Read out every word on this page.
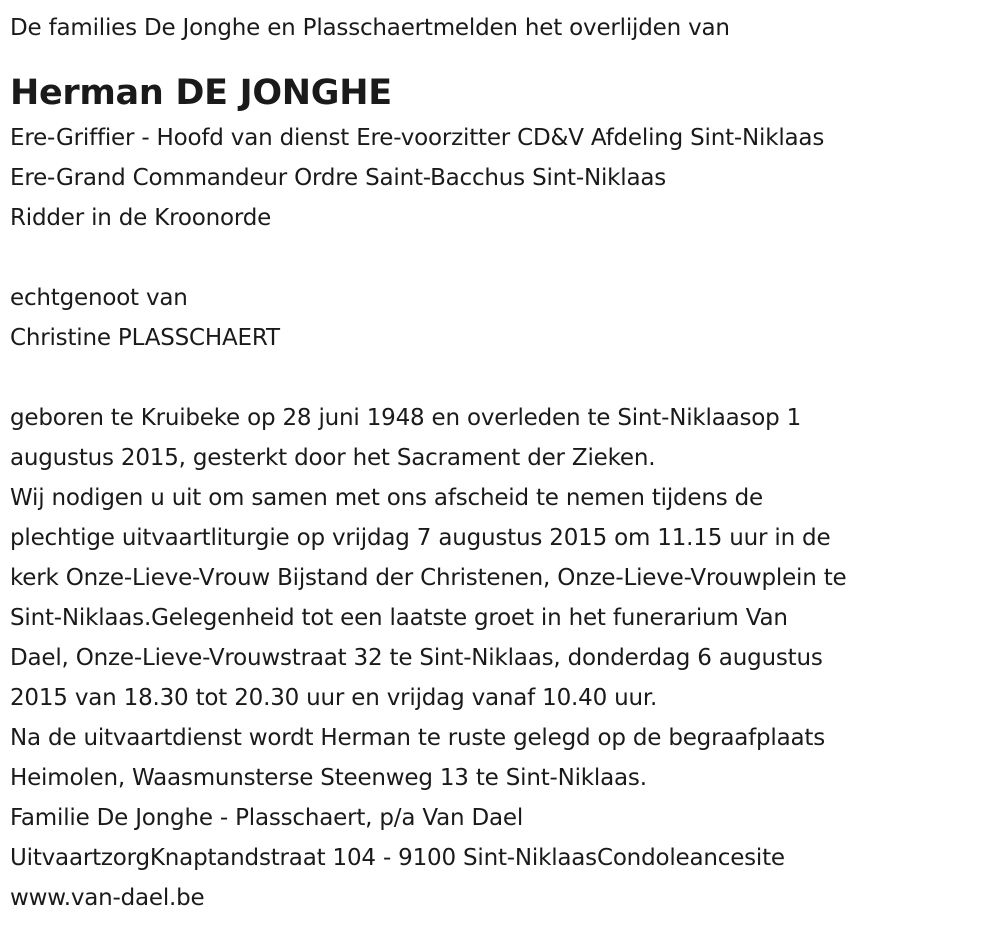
De families De Jonghe en Plasschaertmelden het overlijden van
Herman DE JONGHE
Ere-Griffier - Hoofd van dienst Ere-voorzitter CD&V Afdeling Sint-Niklaas
Ere-Grand Commandeur Ordre Saint-Bacchus Sint-Niklaas
Ridder in de Kroonorde
echtgenoot van
Christine PLASSCHAERT
geboren te Kruibeke op 28 juni 1948 en overleden te Sint-Niklaasop 1
augustus 2015, gesterkt door het Sacrament der Zieken.
Wij nodigen u uit om samen met ons afscheid te nemen tijdens de
plechtige uitvaartliturgie op vrijdag 7 augustus 2015 om 11.15 uur in de
kerk Onze-Lieve-Vrouw Bijstand der Christenen, Onze-Lieve-Vrouwplein te
Sint-Niklaas.Gelegenheid tot een laatste groet in het funerarium Van
Dael, Onze-Lieve-Vrouwstraat 32 te Sint-Niklaas, donderdag 6 augustus
2015 van 18.30 tot 20.30 uur en vrijdag vanaf 10.40 uur.
Na de uitvaartdienst wordt Herman te ruste gelegd op de begraafplaats
Heimolen, Waasmunsterse Steenweg 13 te Sint-Niklaas.
Familie De Jonghe - Plasschaert, p/a Van Dael
UitvaartzorgKnaptandstraat 104 - 9100 Sint-NiklaasCondoleancesite
www.van-dael.be
